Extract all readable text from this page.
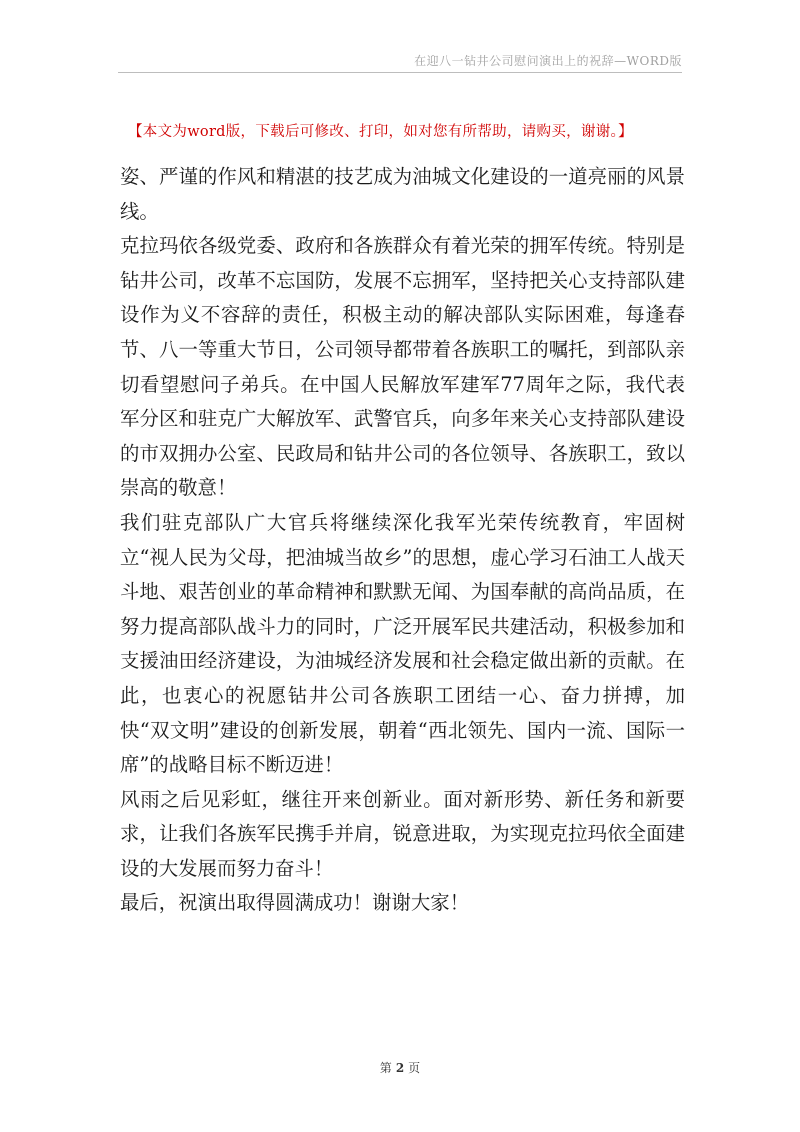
在迎八一钻井公司慰问演出上的祝辞—WORD版
【本文为word版，下载后可修改、打印，如对您有所帮助，请购买，谢谢。】

姿、严谨的作风和精湛的技艺成为油城文化建设的一道亮丽的风景线。

克拉玛依各级党委、政府和各族群众有着光荣的拥军传统。特别是钻井公司，改革不忘国防，发展不忘拥军，坚持把关心支持部队建设作为义不容辞的责任，积极主动的解决部队实际困难，每逢春节、八一等重大节日，公司领导都带着各族职工的嘱托，到部队亲切看望慰问子弟兵。在中国人民解放军建军77周年之际，我代表军分区和驻克广大解放军、武警官兵，向多年来关心支持部队建设的市双拥办公室、民政局和钻井公司的各位领导、各族职工，致以崇高的敬意！

我们驻克部队广大官兵将继续深化我军光荣传统教育，牢固树立“视人民为父母，把油城当故乡”的思想，虚心学习石油工人战天斗地、艰苦创业的革命精神和默默无闻、为国奉献的高尚品质，在努力提高部队战斗力的同时，广泛开展军民共建活动，积极参加和支援油田经济建设，为油城经济发展和社会稳定做出新的贡献。在此，也衷心的祝愿钻井公司各族职工团结一心、奋力拼搏，加快“双文明”建设的创新发展，朝着“西北领先、国内一流、国际一席”的战略目标不断迈进！

风雨之后见彩虹，继往开来创新业。面对新形势、新任务和新要求，让我们各族军民携手并肩，锐意进取，为实现克拉玛依全面建设的大发展而努力奋斗！

最后，祝演出取得圆满成功！谢谢大家！

第 2 页
